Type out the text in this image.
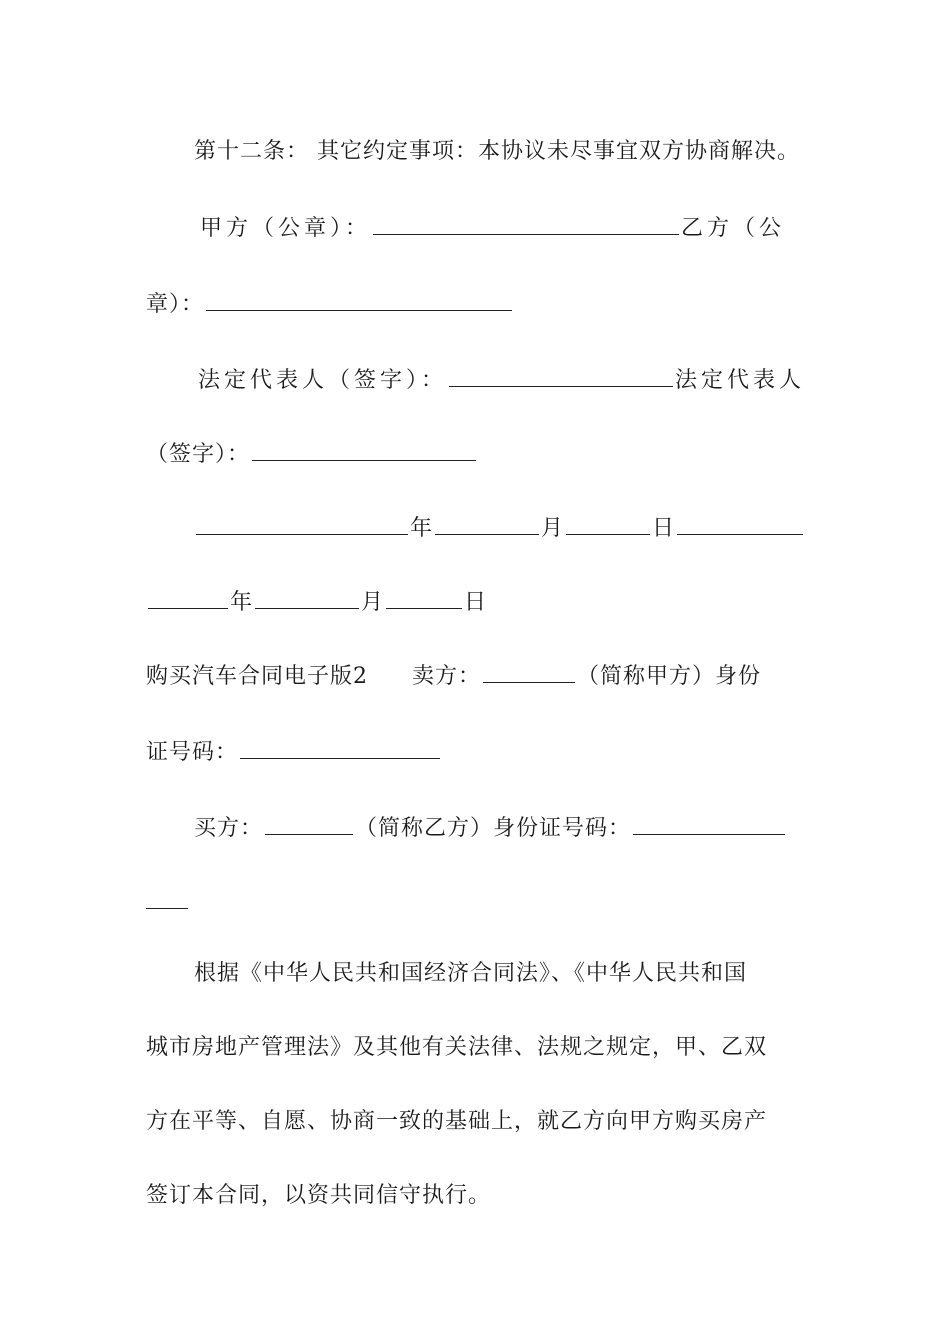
第十二条： 其它约定事项：本协议未尽事宜双方协商解决。
甲方（公章）：	乙方（公
章）：
法定代表人（签字）：	法定代表人
（签字）：
年	月	日
年	月	日
购买汽车合同电子版2 卖方：	（简称甲方）身份
证号码：
买方：	（简称乙方）身份证号码：
根据《中华人民共和国经济合同法》、《中华人民共和国
城市房地产管理法》及其他有关法律、法规之规定，甲、乙双
方在平等、自愿、协商一致的基础上，就乙方向甲方购买房产
签订本合同，以资共同信守执行。
